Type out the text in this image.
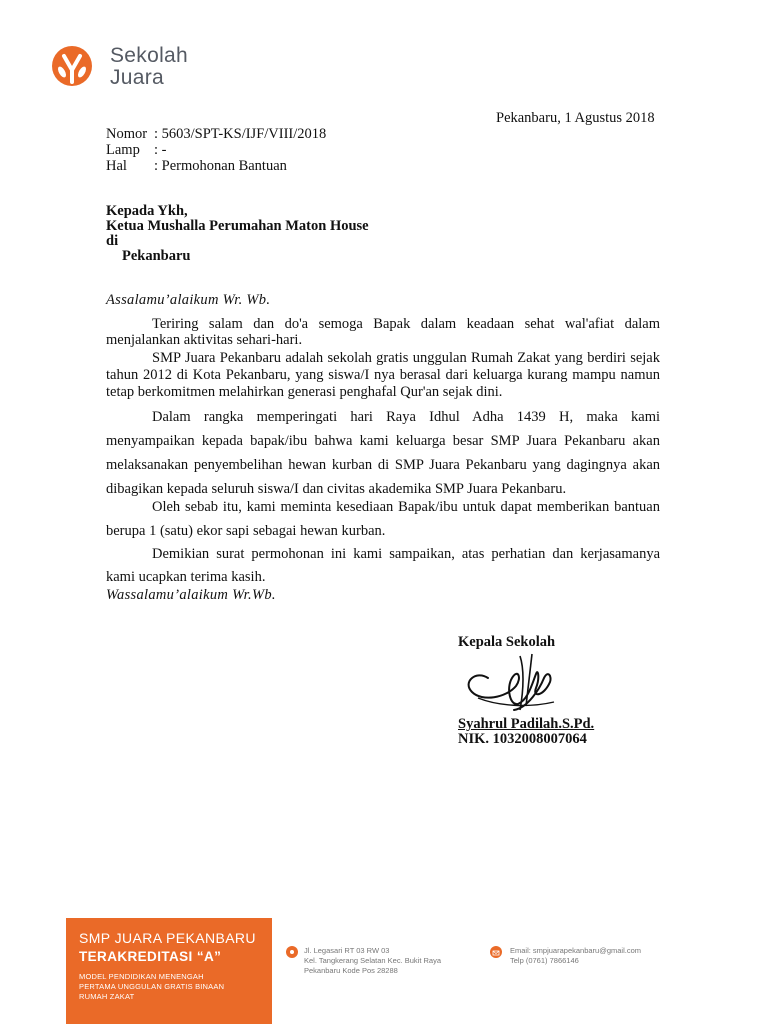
Sekolah
Juara
Pekanbaru, 1 Agustus 2018
Nomor : 5603/SPT-KS/IJF/VIII/2018
Lamp : -
Hal : Permohonan Bantuan
Kepada Ykh,
Ketua Mushalla Perumahan Maton House
di
Pekanbaru
Assalamu’alaikum Wr. Wb.
Teriring salam dan do'a semoga Bapak dalam keadaan sehat wal'afiat dalam
menjalankan aktivitas sehari-hari.
SMP Juara Pekanbaru adalah sekolah gratis unggulan Rumah Zakat yang berdiri sejak
tahun 2012 di Kota Pekanbaru, yang siswa/I nya berasal dari keluarga kurang mampu namun
tetap berkomitmen melahirkan generasi penghafal Qur'an sejak dini.
Dalam rangka memperingati hari Raya Idhul Adha 1439 H, maka kami
menyampaikan kepada bapak/ibu bahwa kami keluarga besar SMP Juara Pekanbaru akan
melaksanakan penyembelihan hewan kurban di SMP Juara Pekanbaru yang dagingnya akan
dibagikan kepada seluruh siswa/I dan civitas akademika SMP Juara Pekanbaru.
Oleh sebab itu, kami meminta kesediaan Bapak/ibu untuk dapat memberikan bantuan
berupa 1 (satu) ekor sapi sebagai hewan kurban.
Demikian surat permohonan ini kami sampaikan, atas perhatian dan kerjasamanya
kami ucapkan terima kasih.
Wassalamu’alaikum Wr.Wb.
Kepala Sekolah
Syahrul Padilah.S.Pd.
NIK. 1032008007064
SMP JUARA PEKANBARU
TERAKREDITASI “A”
MODEL PENDIDIKAN MENENGAH
PERTAMA UNGGULAN GRATIS BINAAN
RUMAH ZAKAT
Jl. Legasari RT 03 RW 03
Kel. Tangkerang Selatan Kec. Bukit Raya
Pekanbaru Kode Pos 28288
Email: smpjuarapekanbaru@gmail.com
Telp (0761) 7866146
